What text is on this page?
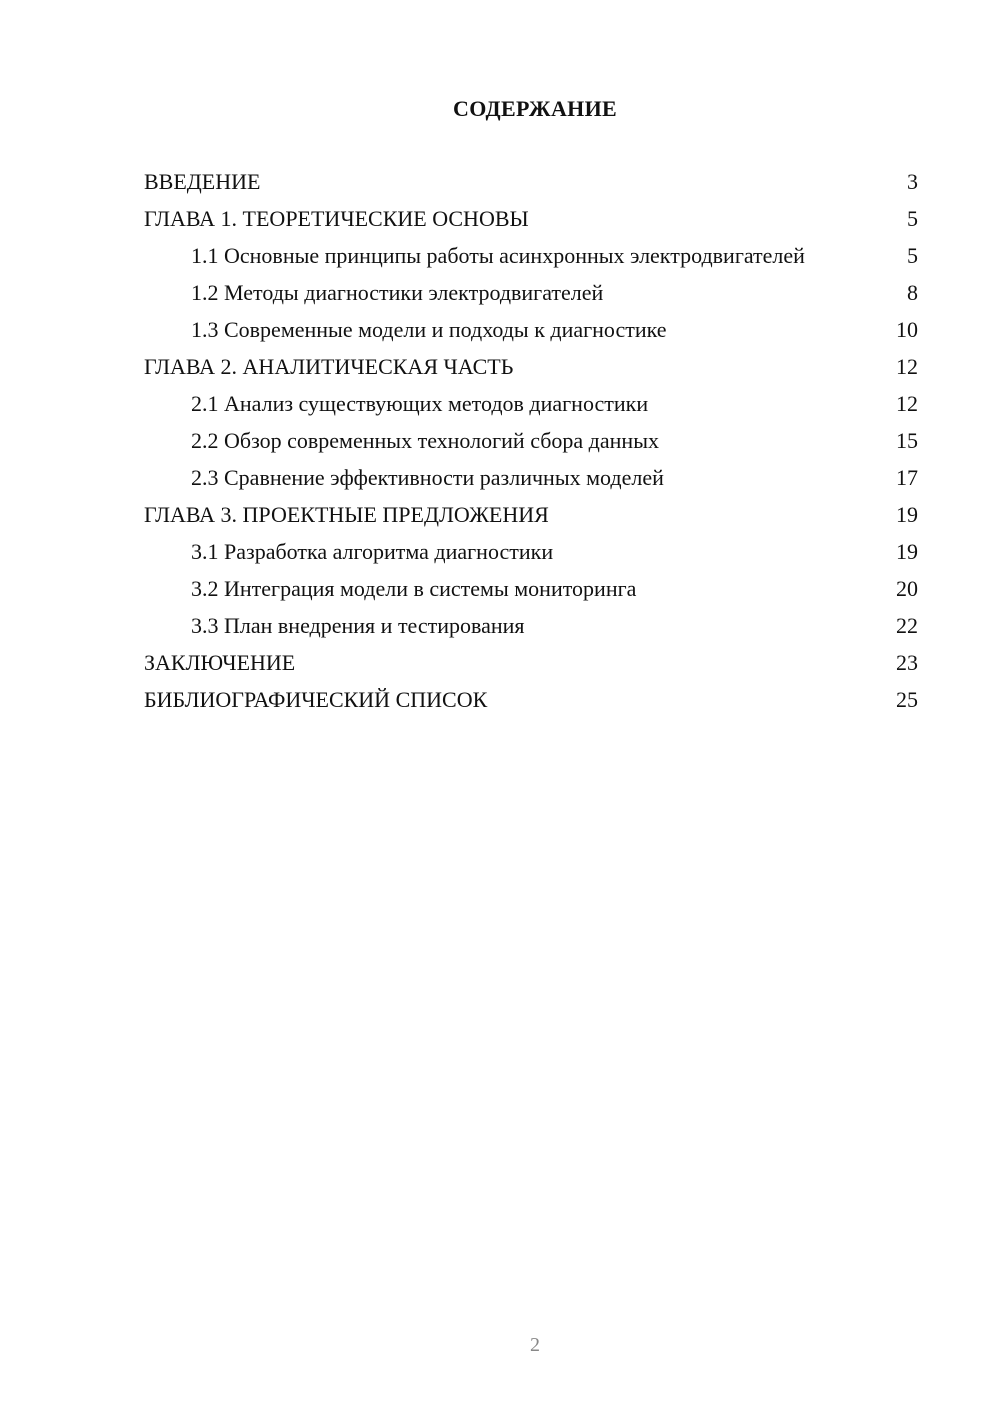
СОДЕРЖАНИЕ
ВВЕДЕНИЕ	3
ГЛАВА 1. ТЕОРЕТИЧЕСКИЕ ОСНОВЫ	5
1.1 Основные принципы работы асинхронных электродвигателей	5
1.2 Методы диагностики электродвигателей	8
1.3 Современные модели и подходы к диагностике	10
ГЛАВА 2. АНАЛИТИЧЕСКАЯ ЧАСТЬ	12
2.1 Анализ существующих методов диагностики	12
2.2 Обзор современных технологий сбора данных	15
2.3 Сравнение эффективности различных моделей	17
ГЛАВА 3. ПРОЕКТНЫЕ ПРЕДЛОЖЕНИЯ	19
3.1 Разработка алгоритма диагностики	19
3.2 Интеграция модели в системы мониторинга	20
3.3 План внедрения и тестирования	22
ЗАКЛЮЧЕНИЕ	23
БИБЛИОГРАФИЧЕСКИЙ СПИСОК	25
2
